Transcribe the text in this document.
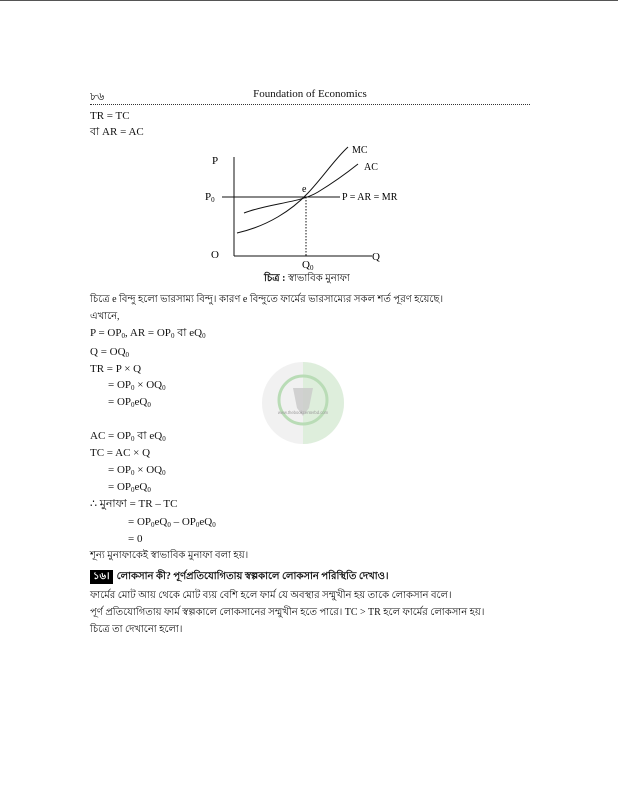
৮৬	Foundation of Economics
TR = TC
বা AR = AC
P
P0
O	Q
Q0
e
MC
AC
P = AR = MR
চিত্র : স্বাভাবিক মুনাফা
চিত্রে e বিন্দু হলো ভারসাম্য বিন্দু। কারণ e বিন্দুতে ফার্মের ভারসাম্যের সকল শর্ত পূরণ হয়েছে।
এখানে,
$P = OP_0$, AR = $OP_0$ বা $eQ_0$
$Q = OQ_0$
TR = P × Q
= $OP_0 \times OQ_0$
= $OP_0eQ_0$
AC = $OP_0$ বা $eQ_0$
TC = AC × Q
= $OP_0 \times OQ_0$
= $OP_0eQ_0$
∴ মুনাফা = TR – TC
= $OP_0eQ_0 - OP_0eQ_0$
= 0
শূন্য মুনাফাকেই স্বাভাবিক মুনাফা বলা হয়।
১৬। লোকসান কী? পূর্ণপ্রতিযোগিতায় স্বল্পকালে লোকসান পরিস্থিতি দেখাও।
ফার্মের মোট আয় থেকে মোট ব্যয় বেশি হলে ফার্ম যে অবস্থার সম্মুখীন হয় তাকে লোকসান বলে।
পূর্ণ প্রতিযোগিতায় ফার্ম স্বল্পকালে লোকসানের সম্মুখীন হতে পারে। TC > TR হলে ফার্মের লোকসান হয়।
চিত্রে তা দেখানো হলো।
www.thebookcenterbd.com
